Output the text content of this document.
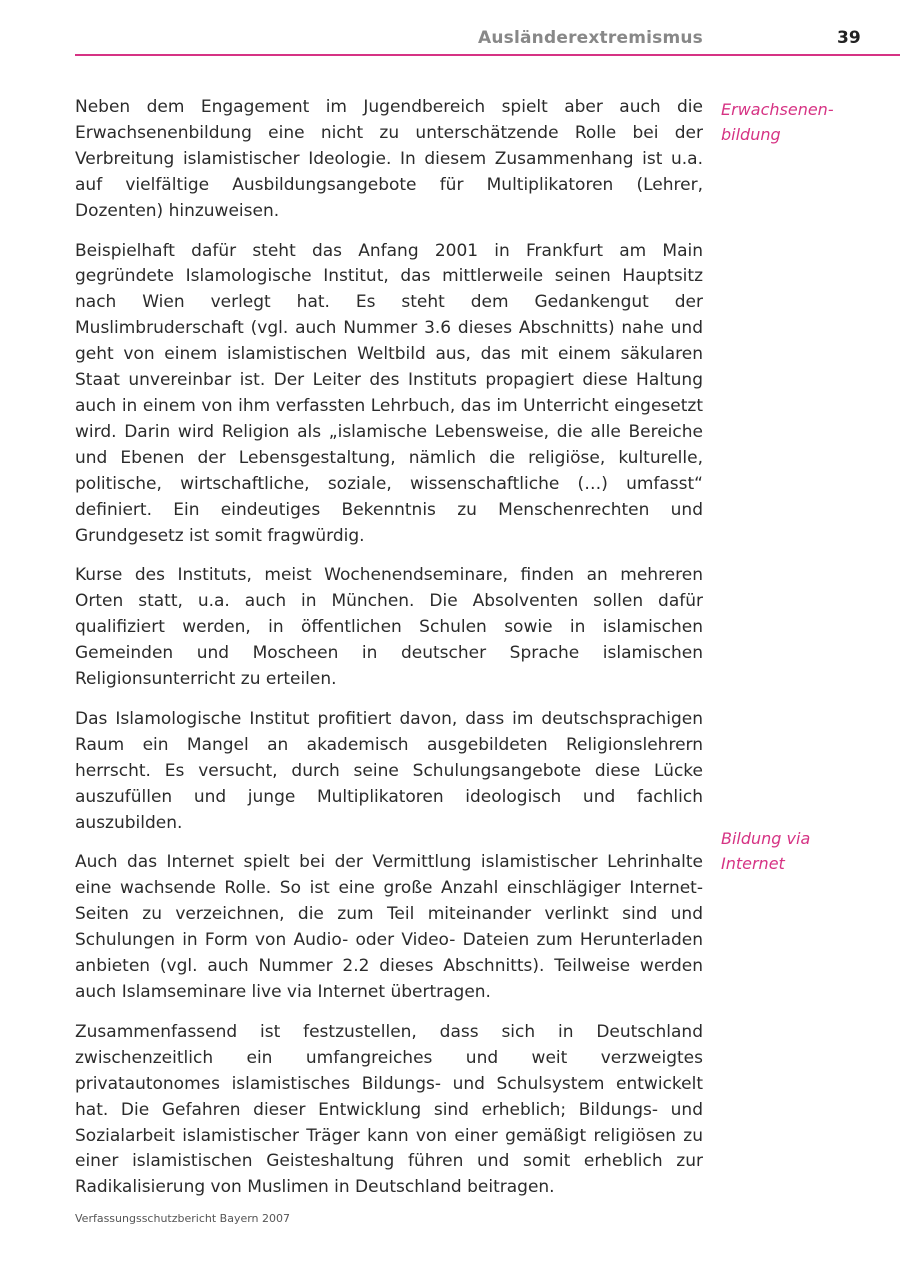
Ausländerextremismus	39

Neben dem Engagement im Jugendbereich spielt aber auch die Erwachsenenbildung eine nicht zu unterschätzende Rolle bei der Verbreitung islamistischer Ideologie. In diesem Zusammenhang ist u.a. auf vielfältige Ausbildungsangebote für Multiplikatoren (Lehrer, Dozenten) hinzuweisen.

Beispielhaft dafür steht das Anfang 2001 in Frankfurt am Main gegründete Islamologische Institut, das mittlerweile seinen Hauptsitz nach Wien verlegt hat. Es steht dem Gedankengut der Muslimbruderschaft (vgl. auch Nummer 3.6 dieses Abschnitts) nahe und geht von einem islamistischen Weltbild aus, das mit einem säkularen Staat unvereinbar ist. Der Leiter des Instituts propagiert diese Haltung auch in einem von ihm verfassten Lehrbuch, das im Unterricht eingesetzt wird. Darin wird Religion als „islamische Lebensweise, die alle Bereiche und Ebenen der Lebensgestaltung, nämlich die religiöse, kulturelle, politische, wirtschaftliche, soziale, wissenschaftliche (…) umfasst“ definiert. Ein eindeutiges Bekenntnis zu Menschenrechten und Grundgesetz ist somit fragwürdig.

Kurse des Instituts, meist Wochenendseminare, finden an mehreren Orten statt, u.a. auch in München. Die Absolventen sollen dafür qualifiziert werden, in öffentlichen Schulen sowie in islamischen Gemeinden und Moscheen in deutscher Sprache islamischen Religionsunterricht zu erteilen.

Das Islamologische Institut profitiert davon, dass im deutschsprachigen Raum ein Mangel an akademisch ausgebildeten Religionslehrern herrscht. Es versucht, durch seine Schulungsangebote diese Lücke auszufüllen und junge Multiplikatoren ideologisch und fachlich auszubilden.

Auch das Internet spielt bei der Vermittlung islamistischer Lehrinhalte eine wachsende Rolle. So ist eine große Anzahl einschlägiger Internet-Seiten zu verzeichnen, die zum Teil miteinander verlinkt sind und Schulungen in Form von Audio- oder Video- Dateien zum Herunterladen anbieten (vgl. auch Nummer 2.2 dieses Abschnitts). Teilweise werden auch Islamseminare live via Internet übertragen.

Zusammenfassend ist festzustellen, dass sich in Deutschland zwischenzeitlich ein umfangreiches und weit verzweigtes privatautonomes islamistisches Bildungs- und Schulsystem entwickelt hat. Die Gefahren dieser Entwicklung sind erheblich; Bildungs- und Sozialarbeit islamistischer Träger kann von einer gemäßigt religiösen zu einer islamistischen Geisteshaltung führen und somit erheblich zur Radikalisierung von Muslimen in Deutschland beitragen.

Erwachsenen-
bildung
Bildung via
Internet
Verfassungsschutzbericht Bayern 2007
